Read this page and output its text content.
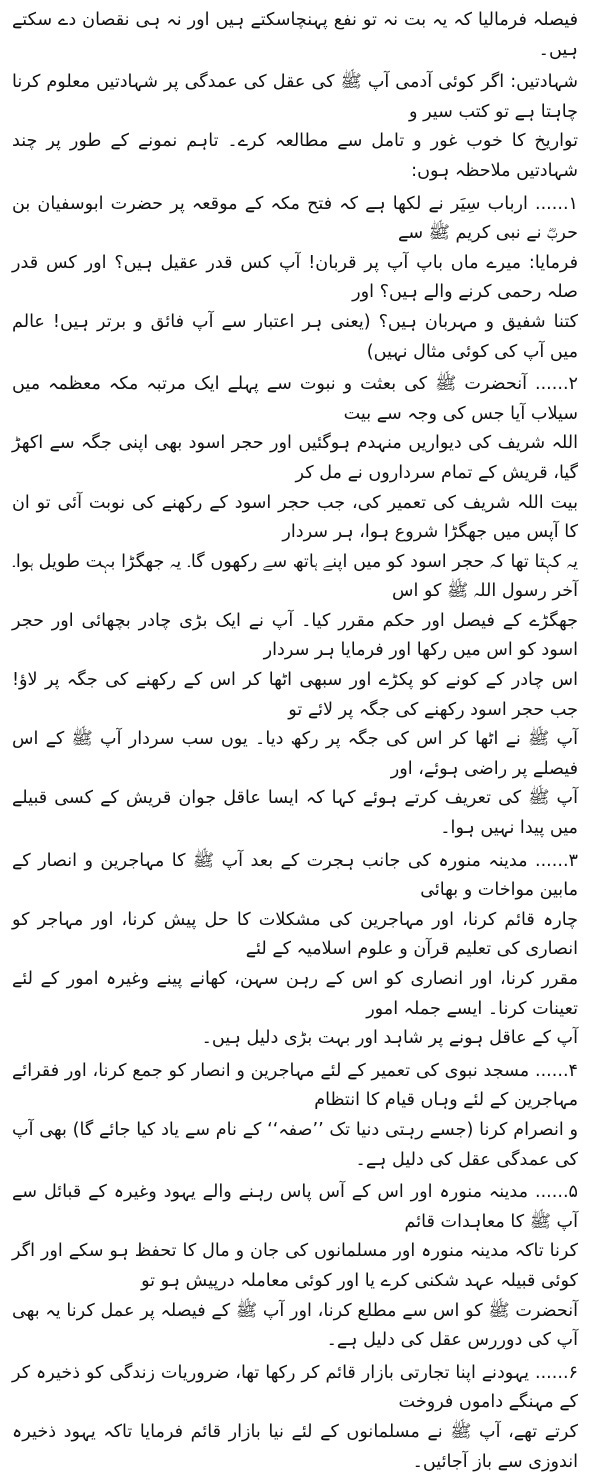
فیصلہ فرمالیا کہ یہ بت نہ تو نفع پہنچاسکتے ہیں اور نہ ہی نقصان دے سکتے ہیں۔

شہادتیں: اگر کوئی آدمی آپ ﷺ کی عقل کی عمدگی پر شہادتیں معلوم کرنا چاہتا ہے تو کتب سیر و

تواریخ کا خوب غور و تامل سے مطالعہ کرے۔ تاہم نمونے کے طور پر چند شہادتیں ملاحظہ ہوں:

۱...... ارباب سِیَر نے لکھا ہے کہ فتح مکہ کے موقعہ پر حضرت ابوسفیان بن حربؓ نے نبی کریم ﷺ سے

فرمایا: میرے ماں باپ آپ پر قربان! آپ کس قدر عقیل ہیں؟ اور کس قدر صلہ رحمی کرنے والے ہیں؟ اور

کتنا شفیق و مہربان ہیں؟ (یعنی ہر اعتبار سے آپ فائق و برتر ہیں! عالم میں آپ کی کوئی مثال نہیں)

۲...... آنحضرت ﷺ کی بعثت و نبوت سے پہلے ایک مرتبہ مکہ معظمہ میں سیلاب آیا جس کی وجہ سے بیت

اللہ شریف کی دیواریں منہدم ہوگئیں اور حجر اسود بھی اپنی جگہ سے اکھڑ گیا، قریش کے تمام سرداروں نے مل کر

بیت اللہ شریف کی تعمیر کی، جب حجر اسود کے رکھنے کی نوبت آئی تو ان کا آپس میں جھگڑا شروع ہوا، ہر سردار

یہ کہتا تھا کہ حجر اسود کو میں اپنے ہاتھ سے رکھوں گا۔ یہ جھگڑا بہت طویل ہوا۔ آخر رسول اللہ ﷺ کو اس

جھگڑے کے فیصل اور حکم مقرر کیا۔ آپ نے ایک بڑی چادر بچھائی اور حجر اسود کو اس میں رکھا اور فرمایا ہر سردار

اس چادر کے کونے کو پکڑے اور سبھی اٹھا کر اس کے رکھنے کی جگہ پر لاؤ! جب حجر اسود رکھنے کی جگہ پر لائے تو

آپ ﷺ نے اٹھا کر اس کی جگہ پر رکھ دیا۔ یوں سب سردار آپ ﷺ کے اس فیصلے پر راضی ہوئے، اور

آپ ﷺ کی تعریف کرتے ہوئے کہا کہ ایسا عاقل جوان قریش کے کسی قبیلے میں پیدا نہیں ہوا۔

۳...... مدینہ منورہ کی جانب ہجرت کے بعد آپ ﷺ کا مہاجرین و انصار کے مابین مواخات و بھائی

چارہ قائم کرنا، اور مہاجرین کی مشکلات کا حل پیش کرنا، اور مہاجر کو انصاری کی تعلیم قرآن و علوم اسلامیہ کے لئے

مقرر کرنا، اور انصاری کو اس کے رہن سہن، کھانے پینے وغیرہ امور کے لئے تعینات کرنا۔ ایسے جملہ امور

آپ کے عاقل ہونے پر شاہد اور بہت بڑی دلیل ہیں۔

۴...... مسجد نبوی کی تعمیر کے لئے مہاجرین و انصار کو جمع کرنا، اور فقرائے مہاجرین کے لئے وہاں قیام کا انتظام

و انصرام کرنا (جسے رہتی دنیا تک ’’صفہ‘‘ کے نام سے یاد کیا جائے گا) بھی آپ کی عمدگی عقل کی دلیل ہے۔

۵...... مدینہ منورہ اور اس کے آس پاس رہنے والے یہود وغیرہ کے قبائل سے آپ ﷺ کا معاہدات قائم

کرنا تاکہ مدینہ منورہ اور مسلمانوں کی جان و مال کا تحفظ ہو سکے اور اگر کوئی قبیلہ عہد شکنی کرے یا اور کوئی معاملہ درپیش ہو تو

آنحضرت ﷺ کو اس سے مطلع کرنا، اور آپ ﷺ کے فیصلہ پر عمل کرنا یہ بھی آپ کی دوررس عقل کی دلیل ہے۔

۶...... یہودنے اپنا تجارتی بازار قائم کر رکھا تھا، ضروریات زندگی کو ذخیرہ کر کے مہنگے داموں فروخت

کرتے تھے، آپ ﷺ نے مسلمانوں کے لئے نیا بازار قائم فرمایا تاکہ یہود ذخیرہ اندوزی سے باز آجائیں۔
